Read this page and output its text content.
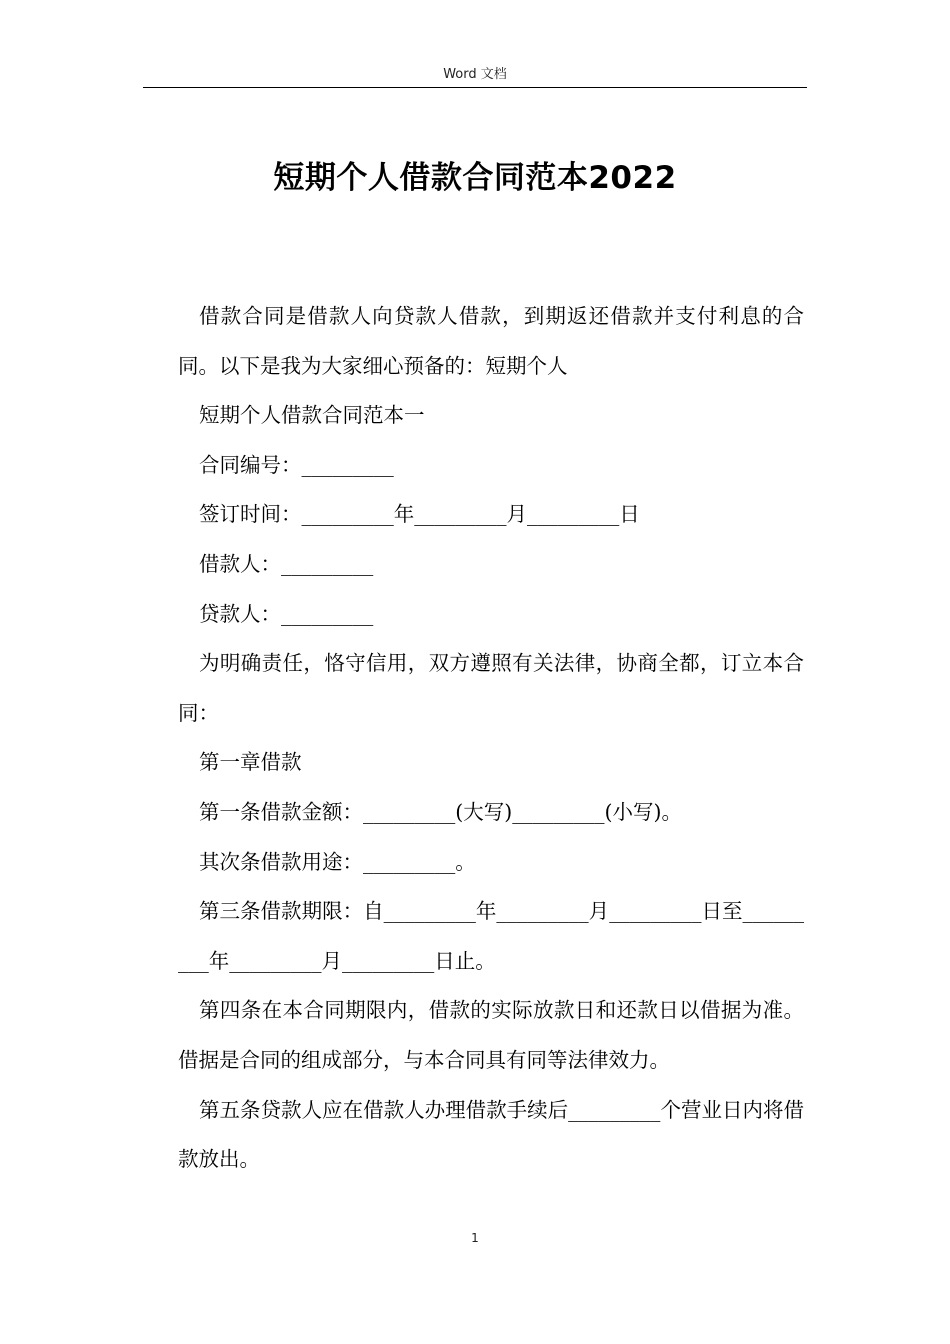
Word 文档
短期个人借款合同范本2022

借款合同是借款人向贷款人借款，到期返还借款并支付利息的合同。以下是我为大家细心预备的：短期个人

短期个人借款合同范本一

合同编号：_________

签订时间：_________年_________月_________日

借款人：_________

贷款人：_________

为明确责任，恪守信用，双方遵照有关法律，协商全都，订立本合同：

第一章借款

第一条借款金额：_________(大写)_________(小写)。

其次条借款用途：_________。

第三条借款期限：自_________年_________月_________日至_________年_________月_________日止。

第四条在本合同期限内，借款的实际放款日和还款日以借据为准。借据是合同的组成部分，与本合同具有同等法律效力。

第五条贷款人应在借款人办理借款手续后_________个营业日内将借款放出。

1
